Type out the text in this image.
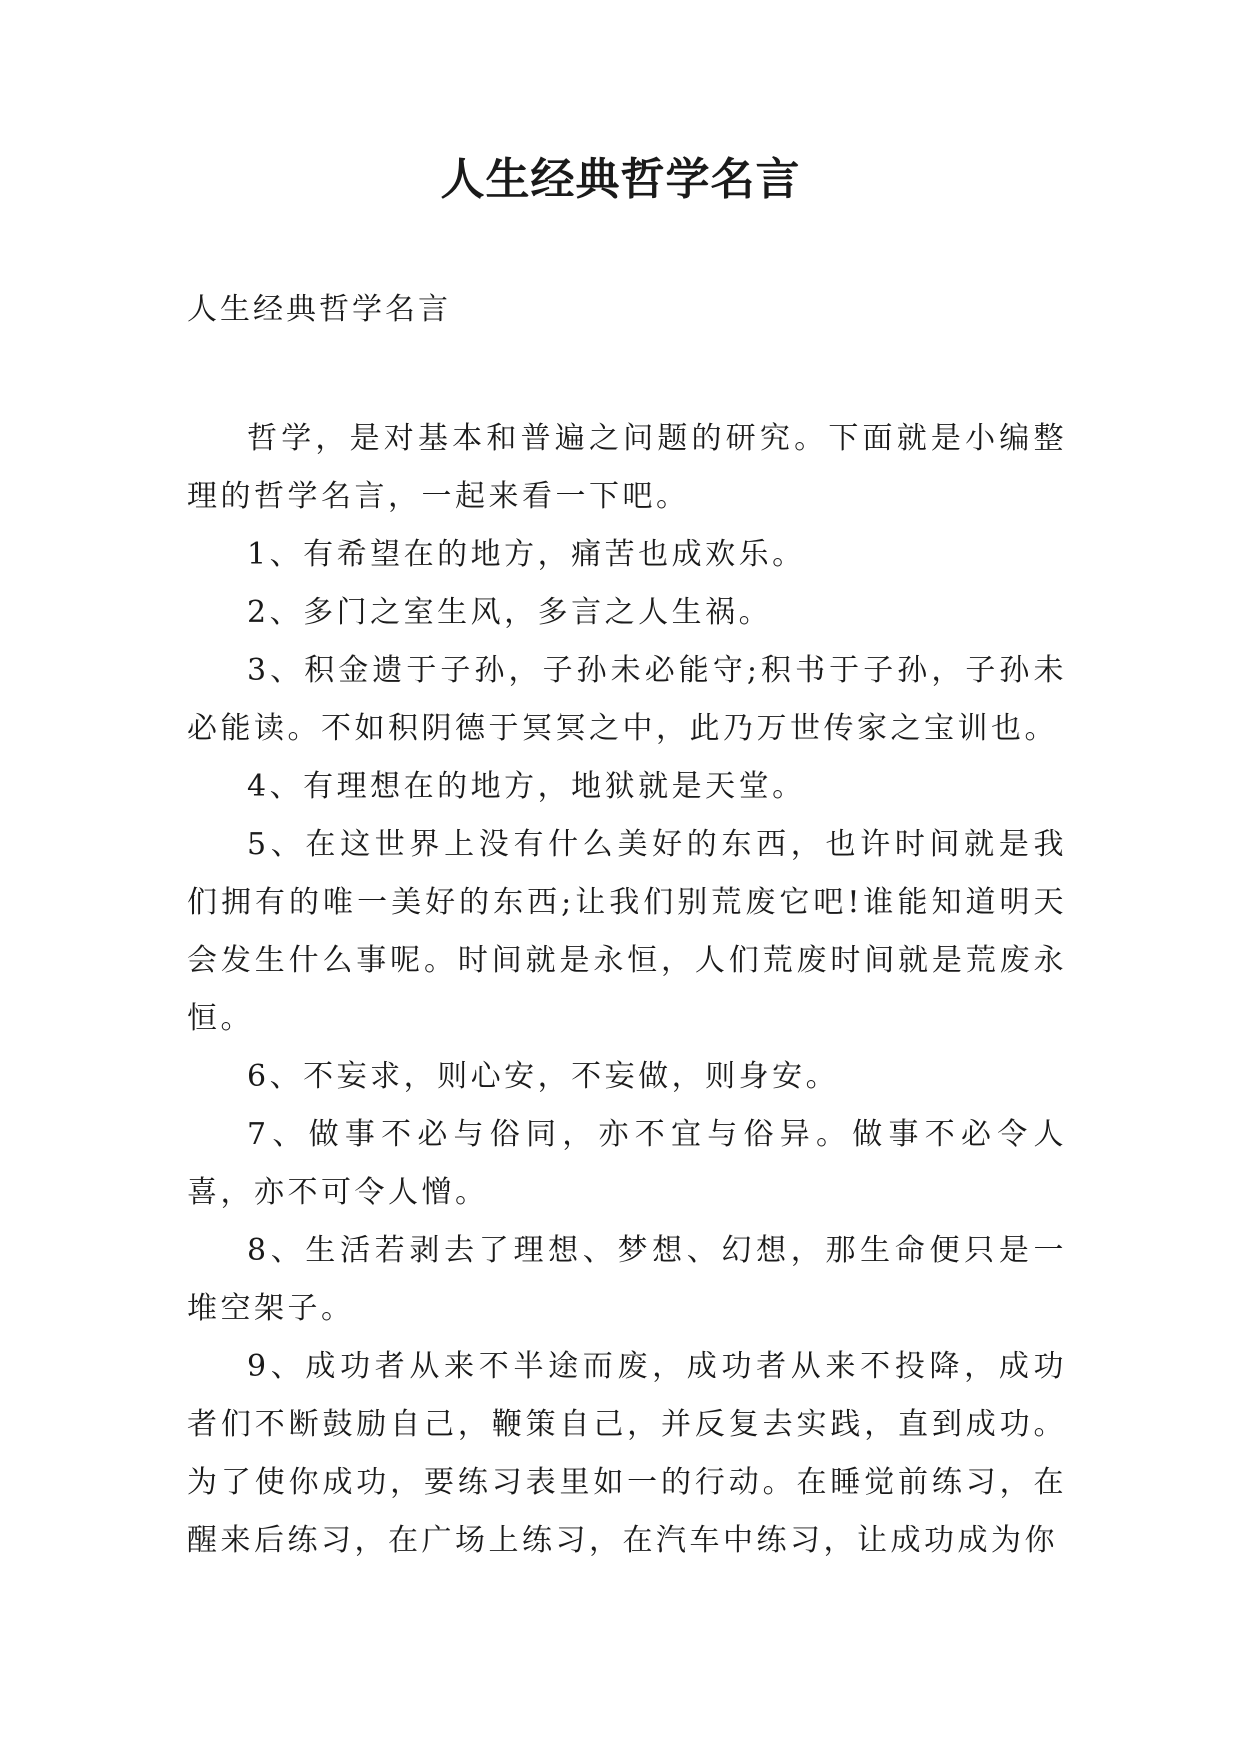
人生经典哲学名言
人生经典哲学名言

哲学，是对基本和普遍之问题的研究。下面就是小编整理的哲学名言，一起来看一下吧。

1、有希望在的地方，痛苦也成欢乐。

2、多门之室生风，多言之人生祸。

3、积金遗于子孙，子孙未必能守;积书于子孙，子孙未必能读。不如积阴德于冥冥之中，此乃万世传家之宝训也。

4、有理想在的地方，地狱就是天堂。

5、在这世界上没有什么美好的东西，也许时间就是我们拥有的唯一美好的东西;让我们别荒废它吧!谁能知道明天会发生什么事呢。时间就是永恒，人们荒废时间就是荒废永恒。

6、不妄求，则心安，不妄做，则身安。

7、做事不必与俗同，亦不宜与俗异。做事不必令人喜，亦不可令人憎。

8、生活若剥去了理想、梦想、幻想，那生命便只是一堆空架子。

9、成功者从来不半途而废，成功者从来不投降，成功者们不断鼓励自己，鞭策自己，并反复去实践，直到成功。为了使你成功，要练习表里如一的行动。在睡觉前练习，在醒来后练习，在广场上练习，在汽车中练习，让成功成为你
